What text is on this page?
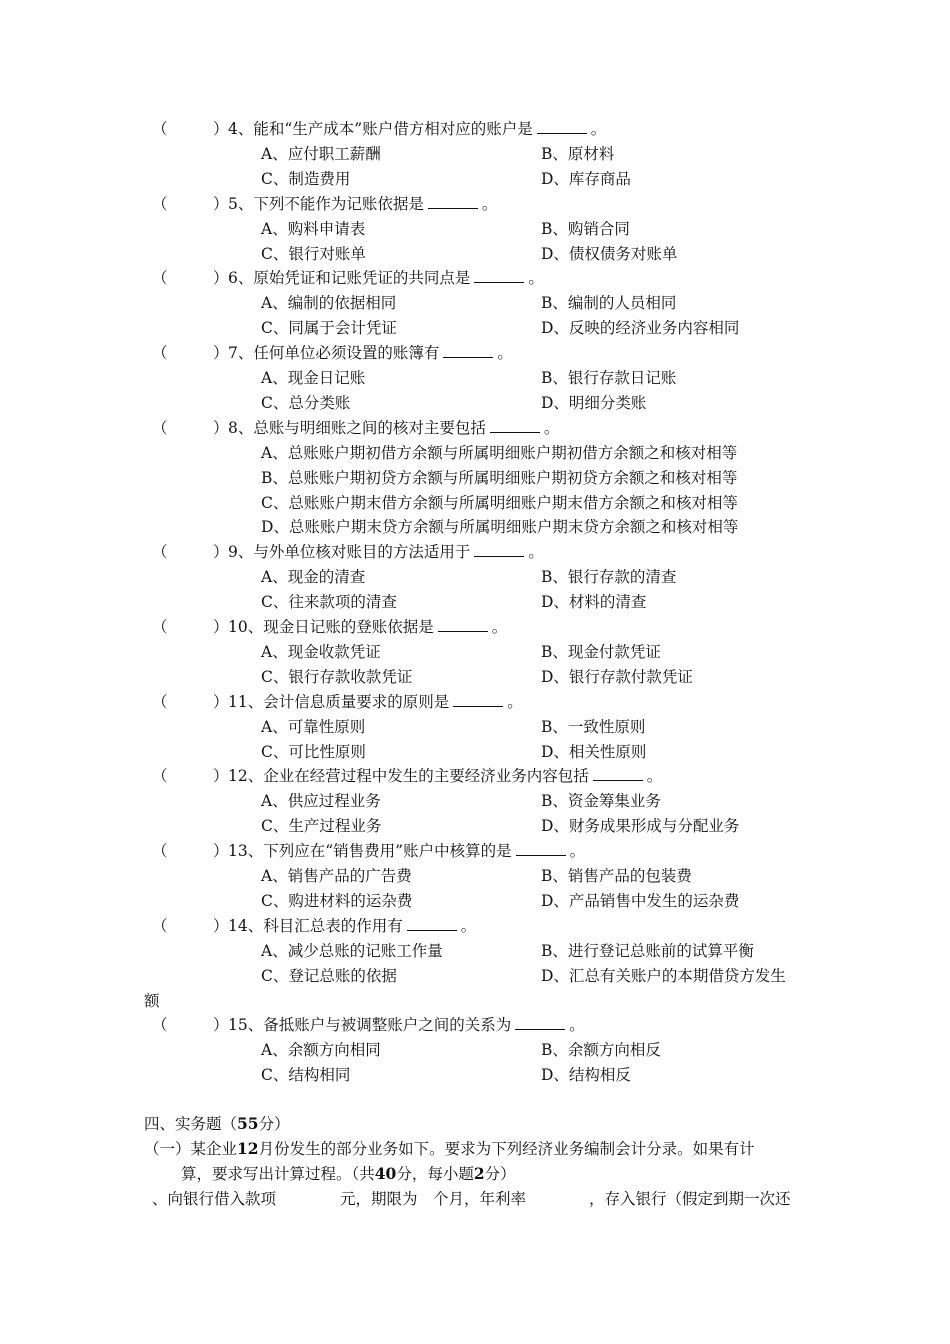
（	） 4、能和“生产成本”账户借方相对应的账户是	。
A、应付职工薪酬	B、原材料
C、制造费用	D、库存商品
（	） 5、下列不能作为记账依据是	。
A、购料申请表	B、购销合同
C、银行对账单	D、债权债务对账单
（	） 6、原始凭证和记账凭证的共同点是	。
A、编制的依据相同	B、编制的人员相同
C、同属于会计凭证	D、反映的经济业务内容相同
（	） 7、任何单位必须设置的账簿有	。
A、现金日记账	B、银行存款日记账
C、总分类账	D、明细分类账
（	） 8、总账与明细账之间的核对主要包括	。
A、总账账户期初借方余额与所属明细账户期初借方余额之和核对相等
B、总账账户期初贷方余额与所属明细账户期初贷方余额之和核对相等
C、总账账户期末借方余额与所属明细账户期末借方余额之和核对相等
D、总账账户期末贷方余额与所属明细账户期末贷方余额之和核对相等
（	） 9、与外单位核对账目的方法适用于	。
A、现金的清查	B、银行存款的清查
C、往来款项的清查	D、材料的清查
（	） 10、现金日记账的登账依据是	。
A、现金收款凭证	B、现金付款凭证
C、银行存款收款凭证	D、银行存款付款凭证
（	） 11、会计信息质量要求的原则是	。
A、可靠性原则	B、一致性原则
C、可比性原则	D、相关性原则
（	） 12、企业在经营过程中发生的主要经济业务内容包括	。
A、供应过程业务	B、资金筹集业务
C、生产过程业务	D、财务成果形成与分配业务
（	） 13、下列应在“销售费用”账户中核算的是	。
A、销售产品的广告费	B、销售产品的包装费
C、购进材料的运杂费	D、产品销售中发生的运杂费
（	） 14、科目汇总表的作用有	。
A、减少总账的记账工作量	B、进行登记总账前的试算平衡
C、登记总账的依据	D、汇总有关账户的本期借贷方发生
额
（	） 15、备抵账户与被调整账户之间的关系为	。
A、余额方向相同	B、余额方向相反
C、结构相同	D、结构相反
四、实务题（55分）
（一）某企业12月份发生的部分业务如下。要求为下列经济业务编制会计分录。如果有计
算，要求写出计算过程。（共40分，每小题2分）
、向银行借入款项	元，期限为 个月，年利率	，存入银行（假定到期一次还
